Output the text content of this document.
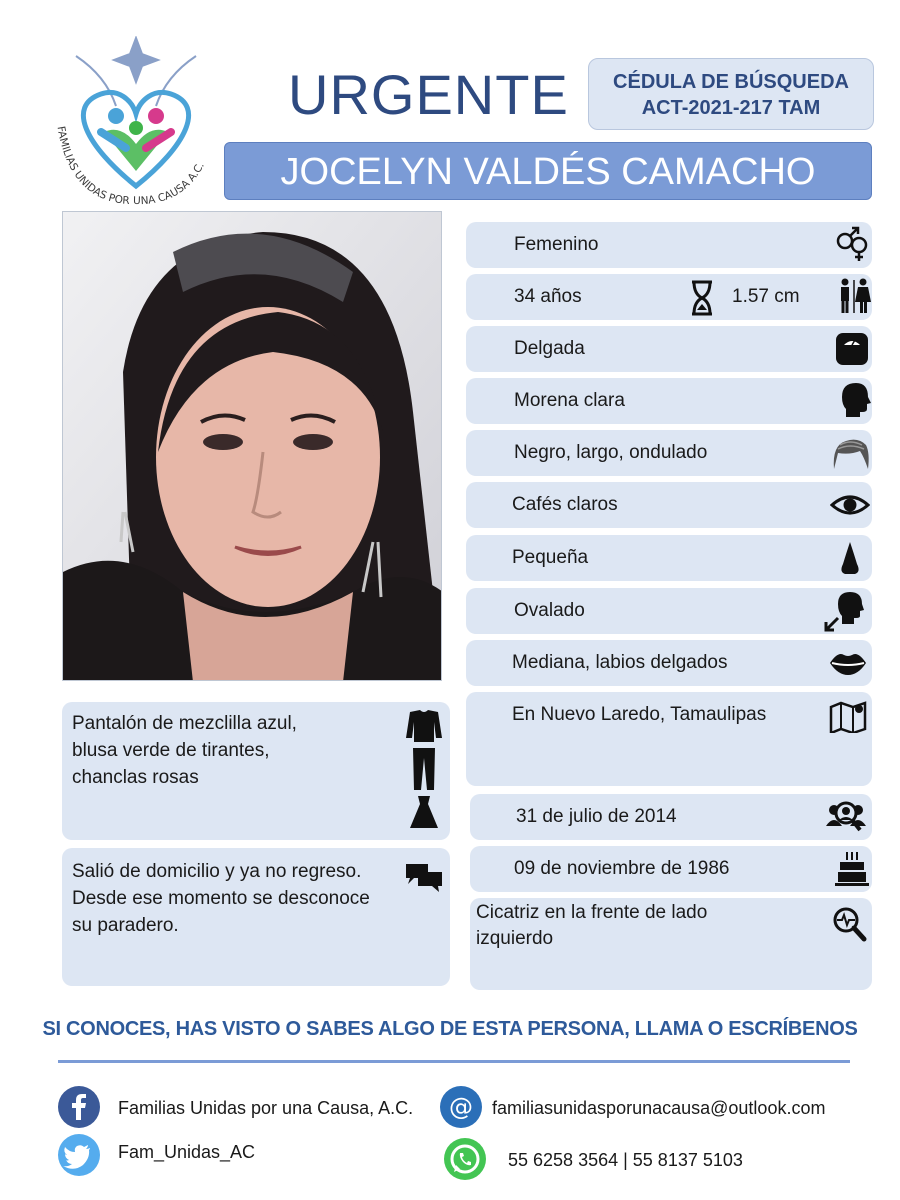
FAMILIAS UNIDAS POR UNA CAUSA A.C.
URGENTE	CÉDULA DE BÚSQUEDA
ACT-2021-217 TAM
JOCELYN VALDÉS CAMACHO
Femenino
34 años	1.57 cm
Delgada
Morena clara
Negro, largo, ondulado
Cafés claros
Pequeña
Ovalado
Mediana, labios delgados
En Nuevo Laredo, Tamaulipas
31 de julio de 2014
09 de noviembre de 1986
Cicatriz en la frente de lado izquierdo
Pantalón de mezclilla azul,
blusa verde de tirantes,
chanclas rosas
Salió de domicilio y ya no regreso.
Desde ese momento se desconoce
su paradero.
SI CONOCES, HAS VISTO O SABES ALGO DE ESTA PERSONA, LLAMA O ESCRÍBENOS
Familias Unidas por una Causa, A.C.
Fam_Unidas_AC
@ familiasunidasporunacausa@outlook.com
55 6258 3564 | 55 8137 5103
